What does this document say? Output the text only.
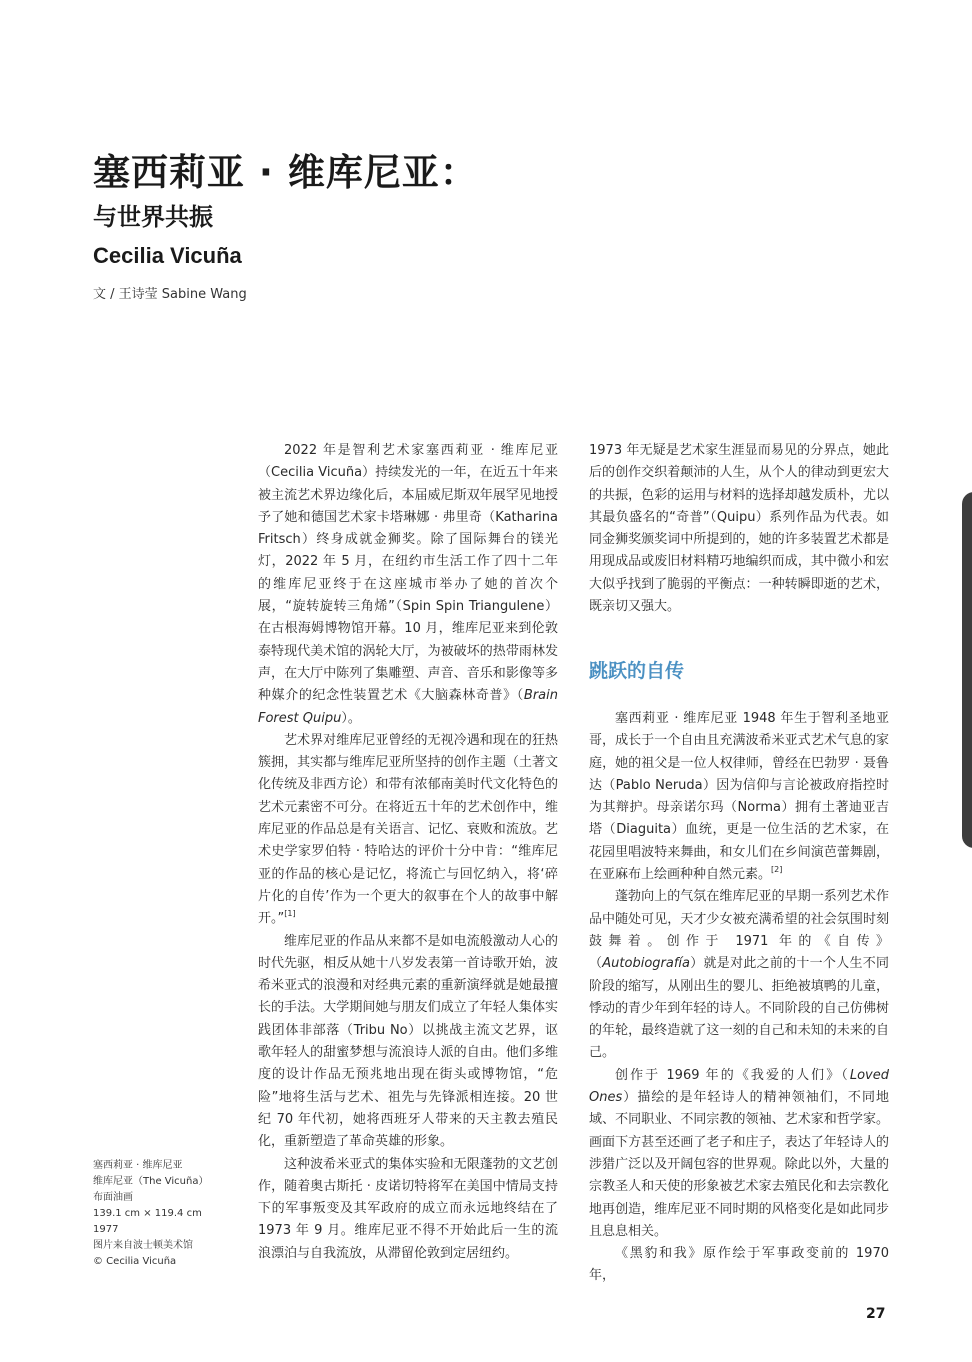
塞西莉亚 · 维库尼亚：
与世界共振
Cecilia Vicuña
文 / 王诗莹 Sabine Wang

2022 年是智利艺术家塞西莉亚 · 维库尼亚（Cecilia Vicuña）持续发光的一年，在近五十年来被主流艺术界边缘化后，本届威尼斯双年展罕见地授予了她和德国艺术家卡塔琳娜 · 弗里奇（Katharina Fritsch）终身成就金狮奖。除了国际舞台的镁光灯，2022 年 5 月，在纽约市生活工作了四十二年的维库尼亚终于在这座城市举办了她的首次个展，“旋转旋转三角烯”（Spin Spin Triangulene）在古根海姆博物馆开幕。10 月，维库尼亚来到伦敦泰特现代美术馆的涡轮大厅，为被破坏的热带雨林发声，在大厅中陈列了集雕塑、声音、音乐和影像等多种媒介的纪念性装置艺术《大脑森林奇普》（Brain Forest Quipu）。

艺术界对维库尼亚曾经的无视冷遇和现在的狂热簇拥，其实都与维库尼亚所坚持的创作主题（土著文化传统及非西方论）和带有浓郁南美时代文化特色的艺术元素密不可分。在将近五十年的艺术创作中，维库尼亚的作品总是有关语言、记忆、衰败和流放。艺术史学家罗伯特 · 特哈达的评价十分中肯：“维库尼亚的作品的核心是记忆，将流亡与回忆纳入，将‘碎片化的自传’作为一个更大的叙事在个人的故事中解开。”[1]

维库尼亚的作品从来都不是如电流般激动人心的时代先驱，相反从她十八岁发表第一首诗歌开始，波希米亚式的浪漫和对经典元素的重新演绎就是她最擅长的手法。大学期间她与朋友们成立了年轻人集体实践团体非部落（Tribu No）以挑战主流文艺界，讴歌年轻人的甜蜜梦想与流浪诗人派的自由。他们多维度的设计作品无预兆地出现在街头或博物馆，“危险”地将生活与艺术、祖先与先锋派相连接。20 世纪 70 年代初，她将西班牙人带来的天主教去殖民化，重新塑造了革命英雄的形象。

这种波希米亚式的集体实验和无限蓬勃的文艺创作，随着奥古斯托 · 皮诺切特将军在美国中情局支持下的军事叛变及其军政府的成立而永远地终结在了 1973 年 9 月。维库尼亚不得不开始此后一生的流浪漂泊与自我流放，从滞留伦敦到定居纽约。

1973 年无疑是艺术家生涯显而易见的分界点，她此后的创作交织着颠沛的人生，从个人的律动到更宏大的共振，色彩的运用与材料的选择却越发质朴，尤以其最负盛名的“奇普”（Quipu）系列作品为代表。如同金狮奖颁奖词中所提到的，她的许多装置艺术都是用现成品或废旧材料精巧地编织而成，其中微小和宏大似乎找到了脆弱的平衡点：一种转瞬即逝的艺术，既亲切又强大。

塞西莉亚 · 维库尼亚 1948 年生于智利圣地亚哥，成长于一个自由且充满波希米亚式艺术气息的家庭，她的祖父是一位人权律师，曾经在巴勃罗 · 聂鲁达（Pablo Neruda）因为信仰与言论被政府指控时为其辩护。母亲诺尔玛（Norma）拥有土著迪亚吉塔（Diaguita）血统，更是一位生活的艺术家，在花园里唱波特来舞曲，和女儿们在乡间演芭蕾舞剧，在亚麻布上绘画种种自然元素。[2]

蓬勃向上的气氛在维库尼亚的早期一系列艺术作品中随处可见，天才少女被充满希望的社会氛围时刻鼓舞着。创作于 1971 年的《自传》（Autobiografía）就是对此之前的十一个人生不同阶段的缩写，从刚出生的婴儿、拒绝被填鸭的儿童，悸动的青少年到年轻的诗人。不同阶段的自己仿佛树的年轮，最终造就了这一刻的自己和未知的未来的自己。

创作于 1969 年的《我爱的人们》（Loved Ones）描绘的是年轻诗人的精神领袖们，不同地域、不同职业、不同宗教的领袖、艺术家和哲学家。画面下方甚至还画了老子和庄子，表达了年轻诗人的涉猎广泛以及开阔包容的世界观。除此以外，大量的宗教圣人和天使的形象被艺术家去殖民化和去宗教化地再创造，维库尼亚不同时期的风格变化是如此同步且息息相关。

《黑豹和我》原作绘于军事政变前的 1970 年，

跳跃的自传
塞西莉亚 · 维库尼亚
维库尼亚（The Vicuña）
布面油画
139.1 cm × 119.4 cm
1977
图片来自波士顿美术馆
© Cecilia Vicuña
27
